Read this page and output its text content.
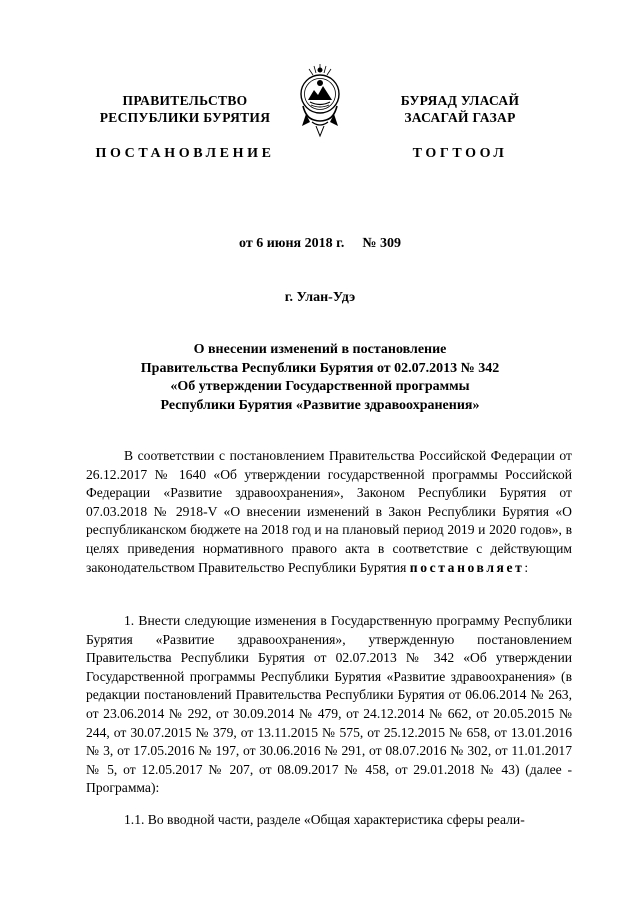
ПРАВИТЕЛЬСТВО
РЕСПУБЛИКИ БУРЯТИЯ
ПОСТАНОВЛЕНИЕ
БУРЯАД УЛАСАЙ
ЗАСАГАЙ ГАЗАР
ТОГТООЛ
от 6 июня 2018 г. № 309
г. Улан-Удэ
О внесении изменений в постановление
Правительства Республики Бурятия от 02.07.2013 № 342
«Об утверждении Государственной программы
Республики Бурятия «Развитие здравоохранения»

В соответствии с постановлением Правительства Российской Федерации от 26.12.2017 № 1640 «Об утверждении государственной программы Российской Федерации «Развитие здравоохранения», Законом Республики Бурятия от 07.03.2018 № 2918-V «О внесении изменений в Закон Республики Бурятия «О республиканском бюджете на 2018 год и на плановый период 2019 и 2020 годов», в целях приведения нормативного правого акта в соответствие с действующим законодательством Правительство Республики Бурятия постановляет:

1. Внести следующие изменения в Государственную программу Республики Бурятия «Развитие здравоохранения», утвержденную постановлением Правительства Республики Бурятия от 02.07.2013 № 342 «Об утверждении Государственной программы Республики Бурятия «Развитие здравоохранения» (в редакции постановлений Правительства Республики Бурятия от 06.06.2014 № 263, от 23.06.2014 № 292, от 30.09.2014 № 479, от 24.12.2014 № 662, от 20.05.2015 № 244, от 30.07.2015 № 379, от 13.11.2015 № 575, от 25.12.2015 № 658, от 13.01.2016 № 3, от 17.05.2016 № 197, от 30.06.2016 № 291, от 08.07.2016 № 302, от 11.01.2017 № 5, от 12.05.2017 № 207, от 08.09.2017 № 458, от 29.01.2018 № 43) (далее - Программа):

1.1. Во вводной части, разделе «Общая характеристика сферы реали-
